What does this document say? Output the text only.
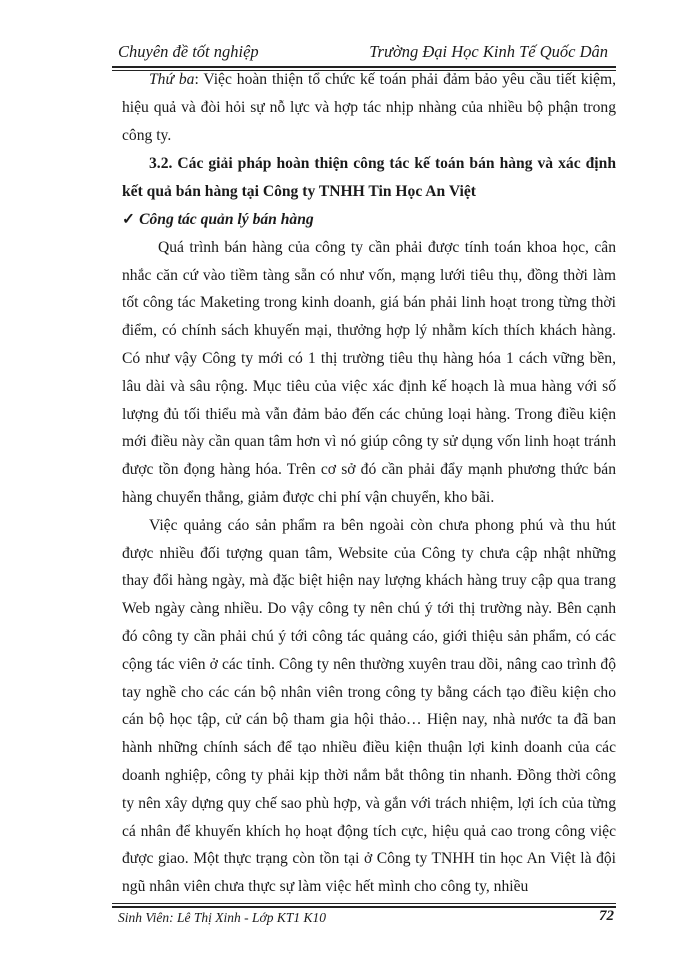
Chuyên đề tốt nghiệp	Trường Đại Học Kinh Tế Quốc Dân

Thứ ba: Việc hoàn thiện tổ chức kế toán phải đảm bảo yêu cầu tiết kiệm, hiệu quả và đòi hỏi sự nỗ lực và hợp tác nhịp nhàng của nhiều bộ phận trong công ty.

3.2. Các giải pháp hoàn thiện công tác kế toán bán hàng và xác định kết quả bán hàng tại Công ty TNHH Tin Học An Việt

✓ Công tác quản lý bán hàng

Quá trình bán hàng của công ty cần phải được tính toán khoa học, cân nhắc căn cứ vào tiềm tàng sẵn có như vốn, mạng lưới tiêu thụ, đồng thời làm tốt công tác Maketing trong kinh doanh, giá bán phải linh hoạt trong từng thời điểm, có chính sách khuyến mại, thưởng hợp lý nhằm kích thích khách hàng. Có như vậy Công ty mới có 1 thị trường tiêu thụ hàng hóa 1 cách vững bền, lâu dài và sâu rộng. Mục tiêu của việc xác định kế hoạch là mua hàng với số lượng đủ tối thiểu mà vẫn đảm bảo đến các chủng loại hàng. Trong điều kiện mới điều này cần quan tâm hơn vì nó giúp công ty sử dụng vốn linh hoạt tránh được tồn đọng hàng hóa. Trên cơ sở đó cần phải đẩy mạnh phương thức bán hàng chuyển thẳng, giảm được chi phí vận chuyển, kho bãi.

Việc quảng cáo sản phẩm ra bên ngoài còn chưa phong phú và thu hút được nhiều đối tượng quan tâm, Website của Công ty chưa cập nhật những thay đổi hàng ngày, mà đặc biệt hiện nay lượng khách hàng truy cập qua trang Web ngày càng nhiều. Do vậy công ty nên chú ý tới thị trường này. Bên cạnh đó công ty cần phải chú ý tới công tác quảng cáo, giới thiệu sản phẩm, có các cộng tác viên ở các tỉnh. Công ty nên thường xuyên trau dồi, nâng cao trình độ tay nghề cho các cán bộ nhân viên trong công ty bằng cách tạo điều kiện cho cán bộ học tập, cử cán bộ tham gia hội thảo… Hiện nay, nhà nước ta đã ban hành những chính sách để tạo nhiều điều kiện thuận lợi kinh doanh của các doanh nghiệp, công ty phải kịp thời nắm bắt thông tin nhanh. Đồng thời công ty nên xây dựng quy chế sao phù hợp, và gắn với trách nhiệm, lợi ích của từng cá nhân để khuyến khích họ hoạt động tích cực, hiệu quả cao trong công việc được giao. Một thực trạng còn tồn tại ở Công ty TNHH tin học An Việt là đội ngũ nhân viên chưa thực sự làm việc hết mình cho công ty, nhiều

Sinh Viên: Lê Thị Xinh - Lớp KT1 K10	72
